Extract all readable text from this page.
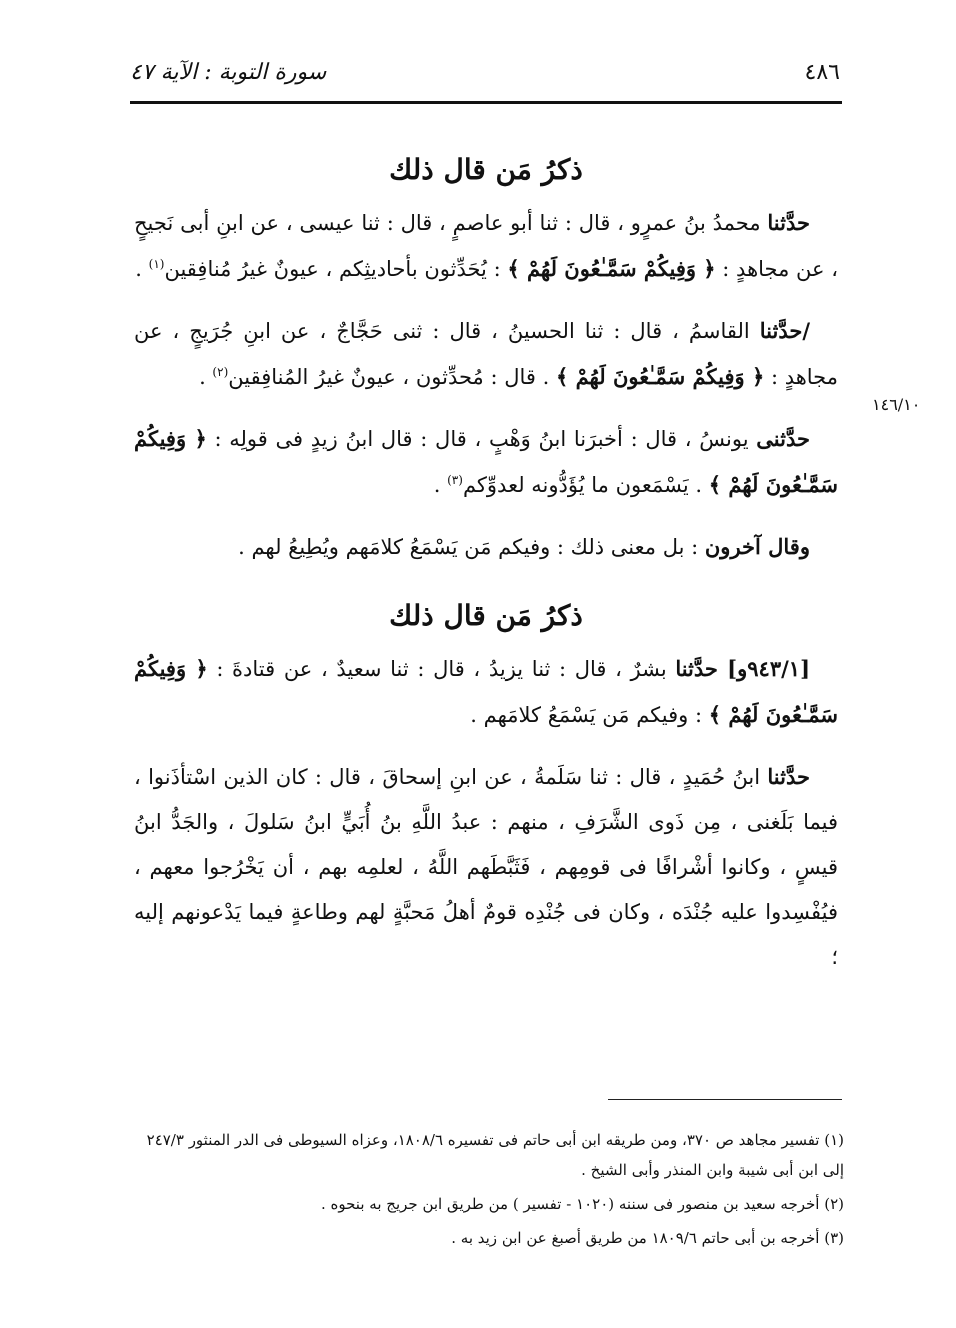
٤٨٦
سورة التوبة : الآية ٤٧
١٤٦/١٠
ذكرُ مَن قال ذلك

حدَّثنا محمدُ بنُ عمرٍو ، قال : ثنا أبو عاصمٍ ، قال : ثنا عيسى ، عن ابنِ أبى نَجيحٍ ، عن مجاهدٍ : ﴿ وَفِيكُمْ سَمَّـٰعُونَ لَهُمْ ﴾ : يُحَدِّثون بأحاديثِكم ، عيونٌ غيرُ مُنافِقين$^{(١)}$ .

/حدَّثنا القاسمُ ، قال : ثنا الحسينُ ، قال : ثنى حَجَّاجٌ ، عن ابنِ جُرَيجٍ ، عن مجاهدٍ : ﴿ وَفِيكُمْ سَمَّـٰعُونَ لَهُمْ ﴾ . قال : مُحدِّثون ، عيونٌ غيرُ المُنافِقين$^{(٢)}$ .

حدَّثنى يونسُ ، قال : أخبرَنا ابنُ وَهْبٍ ، قال : قال ابنُ زيدٍ فى قولِه : ﴿ وَفِيكُمْ سَمَّـٰعُونَ لَهُمْ ﴾ . يَسْمَعون ما يُؤَدُّونه لعدوِّكم$^{(٣)}$ .

وقال آخرون : بل معنى ذلك : وفيكم مَن يَسْمَعُ كلامَهم ويُطِيعُ لهم .

ذكرُ مَن قال ذلك

[٩٤٣/١و] حدَّثنا بشرٌ ، قال : ثنا يزيدُ ، قال : ثنا سعيدٌ ، عن قتادةَ : ﴿ وَفِيكُمْ سَمَّـٰعُونَ لَهُمْ ﴾ : وفيكم مَن يَسْمَعُ كلامَهم .

حدَّثنا ابنُ حُمَيدٍ ، قال : ثنا سَلَمةُ ، عن ابنِ إسحاقَ ، قال : كان الذين اسْتأذَنوا ، فيما بَلَغنى ، مِن ذَوى الشَّرَفِ ، منهم : عبدُ اللَّهِ بنُ أُبَيٍّ ابنُ سَلولَ ، والجَدُّ ابنُ قيسٍ ، وكانوا أشْرافًا فى قومِهم ، فَثَبَّطَهم اللَّهُ ، لعلمِه بهم ، أن يَخْرُجوا معهم ، فيُفْسِدوا عليه جُنْدَه ، وكان فى جُنْدِه قومٌ أهلُ مَحبَّةٍ لهم وطاعةٍ فيما يَدْعونهم إليه ؛

(١) تفسير مجاهد ص ٣٧٠، ومن طريقه ابن أبى حاتم فى تفسيره ١٨٠٨/٦، وعزاه السيوطى فى الدر المنثور ٢٤٧/٣ إلى ابن أبى شيبة وابن المنذر وأبى الشيخ .

(٢) أخرجه سعيد بن منصور فى سننه (١٠٢٠ - تفسير ) من طريق ابن جريج به بنحوه .

(٣) أخرجه بن أبى حاتم ١٨٠٩/٦ من طريق أصبغ عن ابن زيد به .
